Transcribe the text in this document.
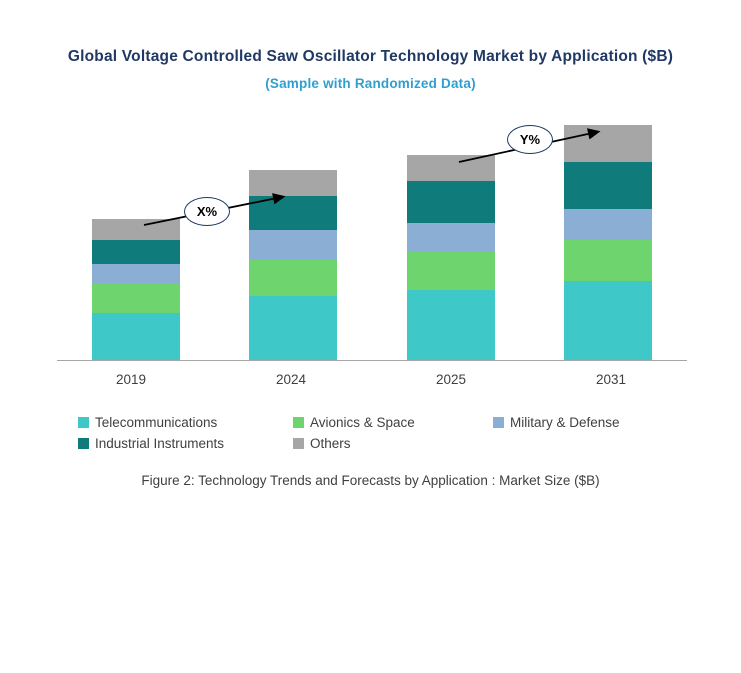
Global Voltage Controlled Saw Oscillator Technology Market by Application ($B)
(Sample with Randomized Data)
2019	2024	2025	2031
X%
Y%
Telecommunications	Avionics & Space	Military & Defense
Industrial Instruments	Others
Figure 2: Technology Trends and Forecasts by Application : Market Size ($B)
